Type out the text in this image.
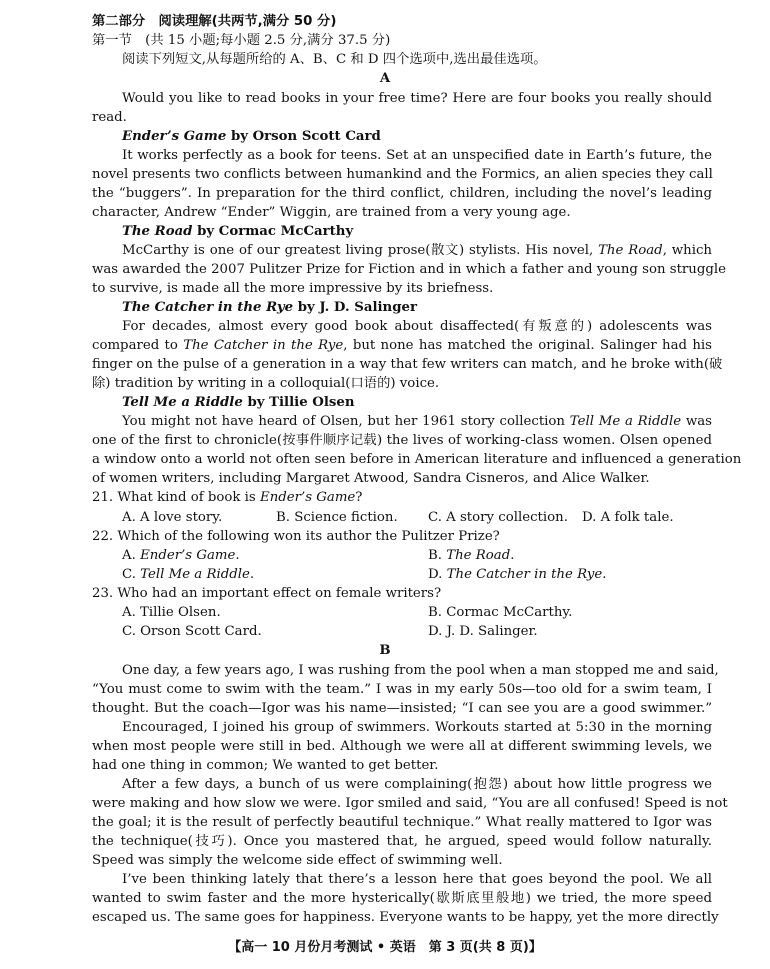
第二部分　阅读理解(共两节,满分 50 分)
第一节　(共 15 小题;每小题 2.5 分,满分 37.5 分)
阅读下列短文,从每题所给的 A、B、C 和 D 四个选项中,选出最佳选项。
A
Would you like to read books in your free time? Here are four books you really should
read.
Ender’s Game by Orson Scott Card
It works perfectly as a book for teens. Set at an unspecified date in Earth’s future, the
novel presents two conflicts between humankind and the Formics, an alien species they call
the “buggers”. In preparation for the third conflict, children, including the novel’s leading
character, Andrew “Ender” Wiggin, are trained from a very young age.
The Road by Cormac McCarthy
McCarthy is one of our greatest living prose(散文) stylists. His novel, The Road, which
was awarded the 2007 Pulitzer Prize for Fiction and in which a father and young son struggle
to survive, is made all the more impressive by its briefness.
The Catcher in the Rye by J. D. Salinger
For decades, almost every good book about disaffected(有叛意的) adolescents was
compared to The Catcher in the Rye, but none has matched the original. Salinger had his
finger on the pulse of a generation in a way that few writers can match, and he broke with(破
除) tradition by writing in a colloquial(口语的) voice.
Tell Me a Riddle by Tillie Olsen
You might not have heard of Olsen, but her 1961 story collection Tell Me a Riddle was
one of the first to chronicle(按事件顺序记载) the lives of working-class women. Olsen opened
a window onto a world not often seen before in American literature and influenced a generation
of women writers, including Margaret Atwood, Sandra Cisneros, and Alice Walker.
21. What kind of book is Ender’s Game?
A. A love story.	B. Science fiction. C. A story collection. D. A folk tale.
22. Which of the following won its author the Pulitzer Prize?
A. Ender’s Game.	B. The Road.
C. Tell Me a Riddle.	D. The Catcher in the Rye.
23. Who had an important effect on female writers?
A. Tillie Olsen.	B. Cormac McCarthy.
C. Orson Scott Card.	D. J. D. Salinger.
B
One day, a few years ago, I was rushing from the pool when a man stopped me and said,
“You must come to swim with the team.” I was in my early 50s—too old for a swim team, I
thought. But the coach—Igor was his name—insisted; “I can see you are a good swimmer.”
Encouraged, I joined his group of swimmers. Workouts started at 5:30 in the morning
when most people were still in bed. Although we were all at different swimming levels, we
had one thing in common; We wanted to get better.
After a few days, a bunch of us were complaining(抱怨) about how little progress we
were making and how slow we were. Igor smiled and said, “You are all confused! Speed is not
the goal; it is the result of perfectly beautiful technique.” What really mattered to Igor was
the technique(技巧). Once you mastered that, he argued, speed would follow naturally.
Speed was simply the welcome side effect of swimming well.
I’ve been thinking lately that there’s a lesson here that goes beyond the pool. We all
wanted to swim faster and the more hysterically(歇斯底里般地) we tried, the more speed
escaped us. The same goes for happiness. Everyone wants to be happy, yet the more directly
【高一 10 月份月考测试 • 英语　第 3 页(共 8 页)】
